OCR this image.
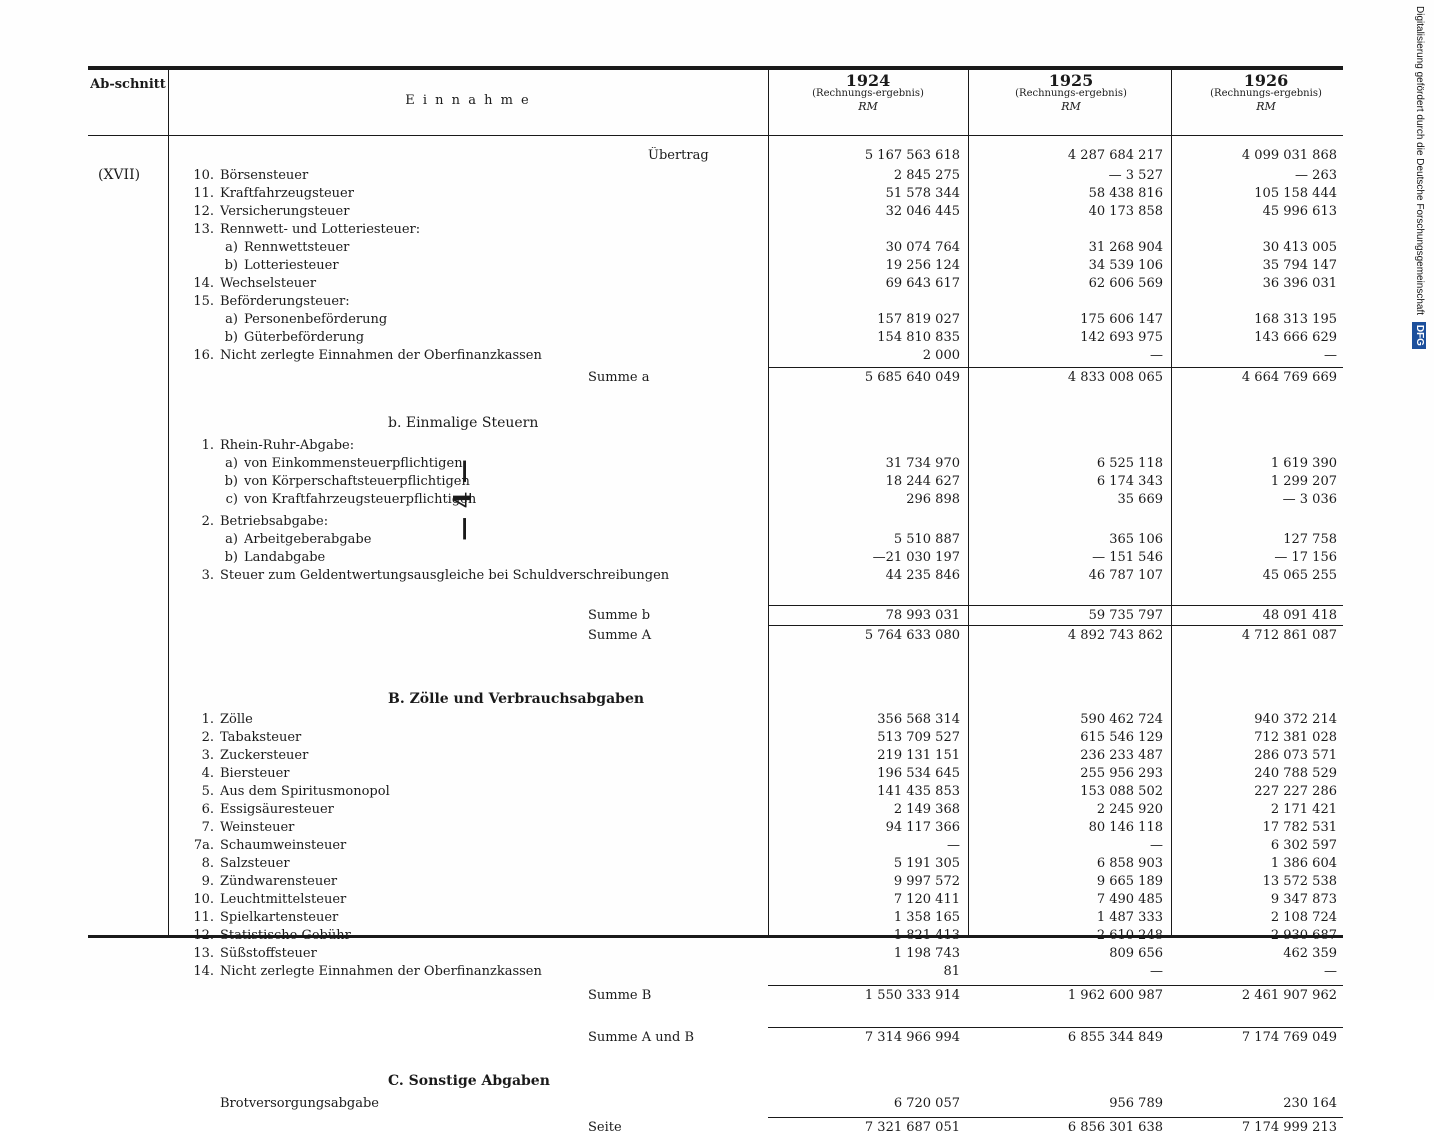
— 4 —
Ab-schnitt
E i n n a h m e
1924
(Rechnungs-ergebnis)
RM
1925
(Rechnungs-ergebnis)
RM
1926
(Rechnungs-ergebnis)
RM
Übertrag	5 167 563 618	4 287 684 217	4 099 031 868
10. Börsensteuer	2 845 275	— 3 527	— 263
11. Kraftfahrzeugsteuer	51 578 344	58 438 816	105 158 444
12. Versicherungsteuer	32 046 445	40 173 858	45 996 613
13. Rennwett- und Lotteriesteuer:
a) Rennwettsteuer	30 074 764	31 268 904	30 413 005
b) Lotteriesteuer	19 256 124	34 539 106	35 794 147
14. Wechselsteuer	69 643 617	62 606 569	36 396 031
15. Beförderungsteuer:
a) Personenbeförderung	157 819 027	175 606 147	168 313 195
b) Güterbeförderung	154 810 835	142 693 975	143 666 629
16. Nicht zerlegte Einnahmen der Oberfinanzkassen	2 000	—	—
Summe a	5 685 640 049	4 833 008 065	4 664 769 669
b. Einmalige Steuern
1. Rhein-Ruhr-Abgabe:
a) von Einkommensteuerpflichtigen	31 734 970	6 525 118	1 619 390
b) von Körperschaftsteuerpflichtigen	18 244 627	6 174 343	1 299 207
c) von Kraftfahrzeugsteuerpflichtigen	296 898	35 669	— 3 036
2. Betriebsabgabe:
a) Arbeitgeberabgabe	5 510 887	365 106	127 758
b) Landabgabe	—21 030 197	— 151 546	— 17 156
3. Steuer zum Geldentwertungsausgleiche bei Schuldverschreibungen	44 235 846	46 787 107	45 065 255
Summe b	78 993 031	59 735 797	48 091 418
Summe A	5 764 633 080	4 892 743 862	4 712 861 087
B. Zölle und Verbrauchsabgaben
1. Zölle	356 568 314	590 462 724	940 372 214
2. Tabaksteuer	513 709 527	615 546 129	712 381 028
3. Zuckersteuer	219 131 151	236 233 487	286 073 571
4. Biersteuer	196 534 645	255 956 293	240 788 529
5. Aus dem Spiritusmonopol	141 435 853	153 088 502	227 227 286
6. Essigsäuresteuer	2 149 368	2 245 920	2 171 421
7. Weinsteuer	94 117 366	80 146 118	17 782 531
7a. Schaumweinsteuer	—	—	6 302 597
8. Salzsteuer	5 191 305	6 858 903	1 386 604
9. Zündwarensteuer	9 997 572	9 665 189	13 572 538
10. Leuchtmittelsteuer	7 120 411	7 490 485	9 347 873
11. Spielkartensteuer	1 358 165	1 487 333	2 108 724
12. Statistische Gebühr	1 821 413	2 610 248	2 930 687
13. Süßstoffsteuer	1 198 743	809 656	462 359
14. Nicht zerlegte Einnahmen der Oberfinanzkassen	81	—	—
Summe B	1 550 333 914	1 962 600 987	2 461 907 962
Summe A und B	7 314 966 994	6 855 344 849	7 174 769 049
C. Sonstige Abgaben
Brotversorgungsabgabe	6 720 057	956 789	230 164
Seite	7 321 687 051	6 856 301 638	7 174 999 213
(XVII)	Digitalisierung gefördert durch die Deutsche Forschungsgemeinschaft DFG
